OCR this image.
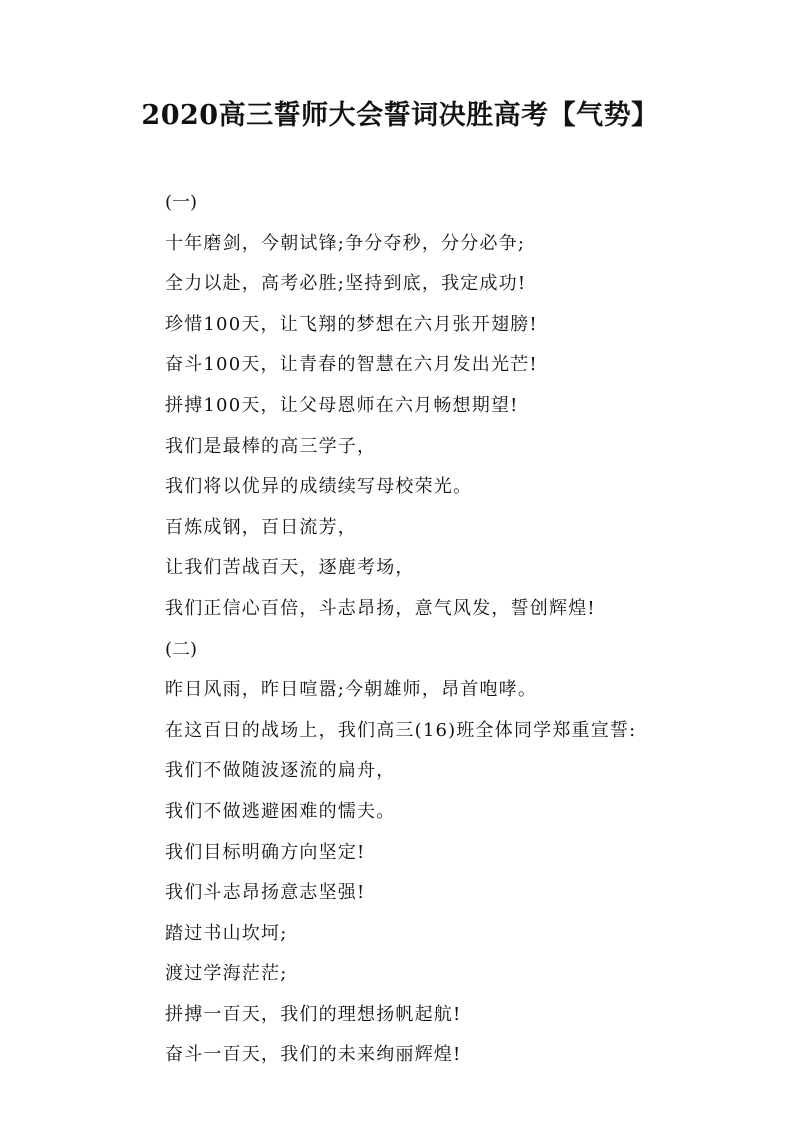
2020高三誓师大会誓词决胜高考【气势】
(一)
十年磨剑，今朝试锋;争分夺秒，分分必争;
全力以赴，高考必胜;坚持到底，我定成功!
珍惜100天，让飞翔的梦想在六月张开翅膀!
奋斗100天，让青春的智慧在六月发出光芒!
拼搏100天，让父母恩师在六月畅想期望!
我们是最棒的高三学子，
我们将以优异的成绩续写母校荣光。
百炼成钢，百日流芳，
让我们苦战百天，逐鹿考场，
我们正信心百倍，斗志昂扬，意气风发，誓创辉煌!
(二)
昨日风雨，昨日喧嚣;今朝雄师，昂首咆哮。
在这百日的战场上，我们高三(16)班全体同学郑重宣誓:
我们不做随波逐流的扁舟，
我们不做逃避困难的懦夫。
我们目标明确方向坚定!
我们斗志昂扬意志坚强!
踏过书山坎坷;
渡过学海茫茫;
拼搏一百天，我们的理想扬帆起航!
奋斗一百天，我们的未来绚丽辉煌!
